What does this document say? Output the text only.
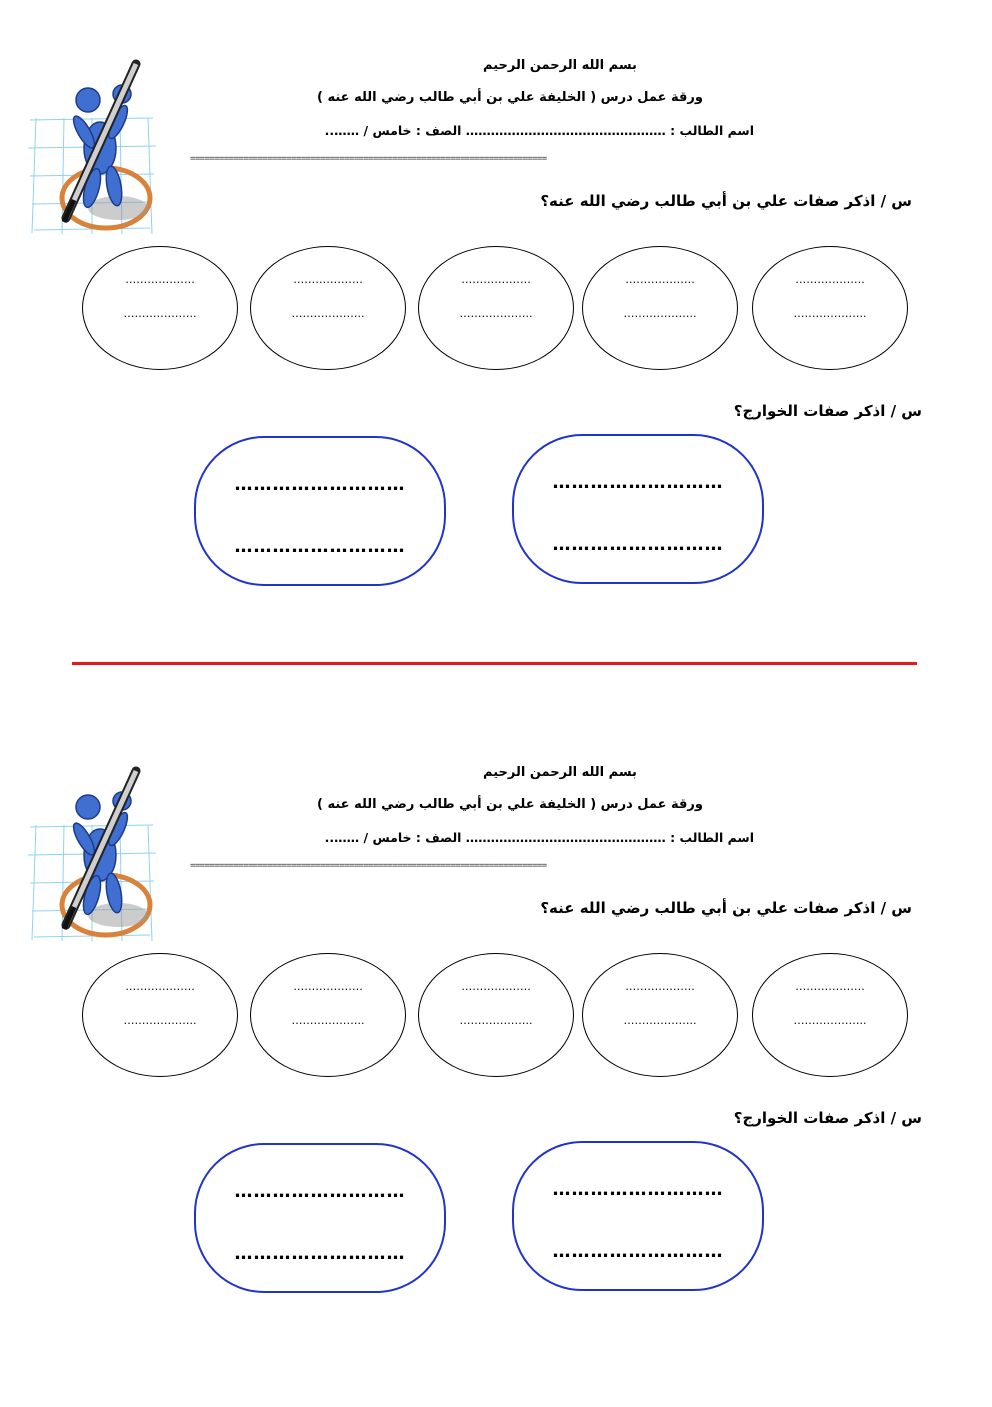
بسم الله الرحمن الرحيم
ورقة عمل درس ( الخليفة علي بن أبي طالب رضي الله عنه )
اسم الطالب : ………………………………………… الصف : خامس / ……..
==========================================================================
س / اذكر صفات علي بن أبي طالب رضي الله عنه؟
……………….
………………..
……………….
………………..
……………….
………………..
……………….
………………..
……………….
………………..
س / اذكر صفات الخوارج؟
………………………
………………………
………………………
………………………
بسم الله الرحمن الرحيم
ورقة عمل درس ( الخليفة علي بن أبي طالب رضي الله عنه )
اسم الطالب : ………………………………………… الصف : خامس / ……..
==========================================================================
س / اذكر صفات علي بن أبي طالب رضي الله عنه؟
……………….
………………..
……………….
………………..
……………….
………………..
……………….
………………..
……………….
………………..
س / اذكر صفات الخوارج؟
………………………
………………………
………………………
………………………
